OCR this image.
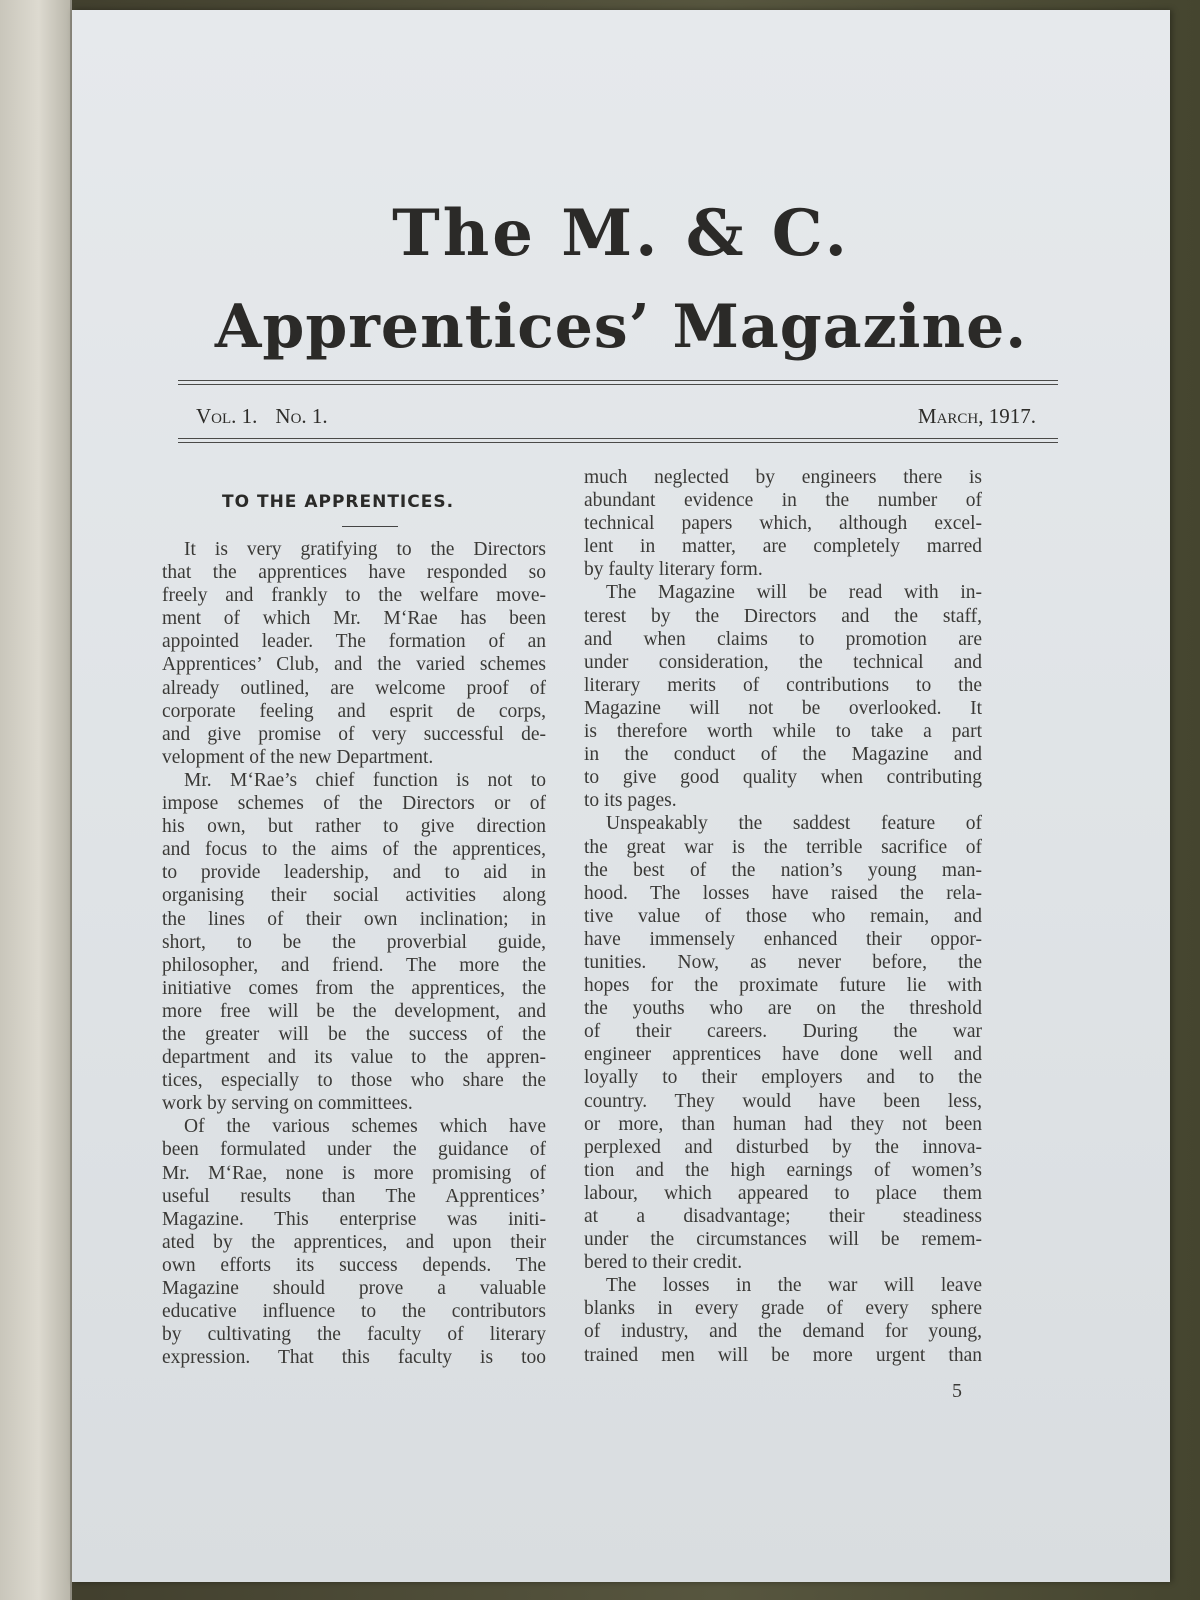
The M. & C.
Apprentices’ Magazine.
Vol. 1. No. 1.	March, 1917.
TO THE APPRENTICES.
It is very gratifying to the Directors
that the apprentices have responded so
freely and frankly to the welfare move-
ment of which Mr. M‘Rae has been
appointed leader. The formation of an
Apprentices’ Club, and the varied schemes
already outlined, are welcome proof of
corporate feeling and esprit de corps,
and give promise of very successful de-
velopment of the new Department.
Mr. M‘Rae’s chief function is not to
impose schemes of the Directors or of
his own, but rather to give direction
and focus to the aims of the apprentices,
to provide leadership, and to aid in
organising their social activities along
the lines of their own inclination; in
short, to be the proverbial guide,
philosopher, and friend. The more the
initiative comes from the apprentices, the
more free will be the development, and
the greater will be the success of the
department and its value to the appren-
tices, especially to those who share the
work by serving on committees.
Of the various schemes which have
been formulated under the guidance of
Mr. M‘Rae, none is more promising of
useful results than The Apprentices’
Magazine. This enterprise was initi-
ated by the apprentices, and upon their
own efforts its success depends. The
Magazine should prove a valuable
educative influence to the contributors
by cultivating the faculty of literary
expression. That this faculty is too
much neglected by engineers there is
abundant evidence in the number of
technical papers which, although excel-
lent in matter, are completely marred
by faulty literary form.
The Magazine will be read with in-
terest by the Directors and the staff,
and when claims to promotion are
under consideration, the technical and
literary merits of contributions to the
Magazine will not be overlooked. It
is therefore worth while to take a part
in the conduct of the Magazine and
to give good quality when contributing
to its pages.
Unspeakably the saddest feature of
the great war is the terrible sacrifice of
the best of the nation’s young man-
hood. The losses have raised the rela-
tive value of those who remain, and
have immensely enhanced their oppor-
tunities. Now, as never before, the
hopes for the proximate future lie with
the youths who are on the threshold
of their careers. During the war
engineer apprentices have done well and
loyally to their employers and to the
country. They would have been less,
or more, than human had they not been
perplexed and disturbed by the innova-
tion and the high earnings of women’s
labour, which appeared to place them
at a disadvantage; their steadiness
under the circumstances will be remem-
bered to their credit.
The losses in the war will leave
blanks in every grade of every sphere
of industry, and the demand for young,
trained men will be more urgent than
5
